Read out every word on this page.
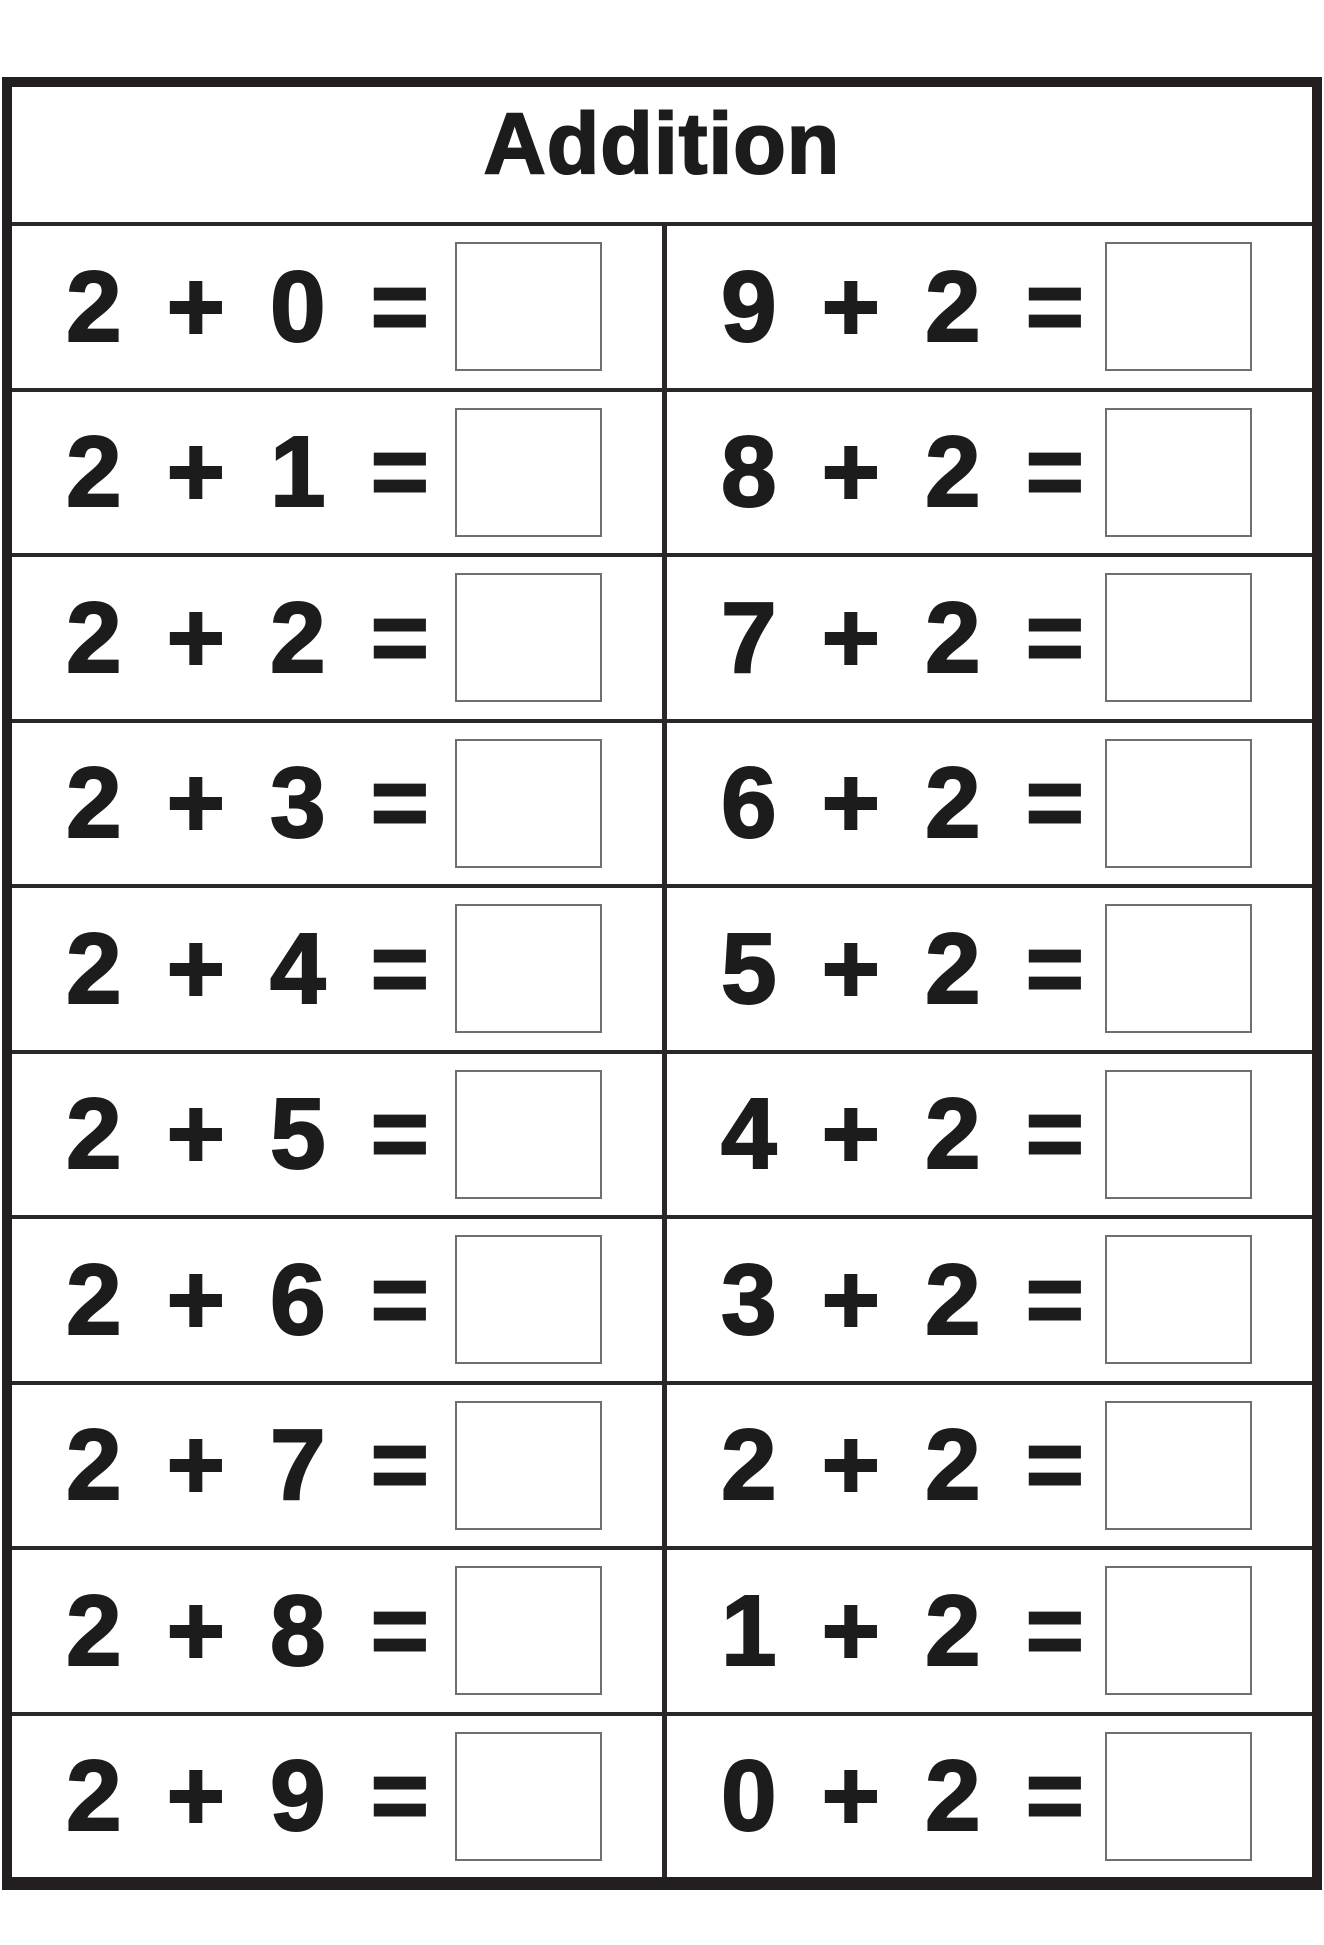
Addition
2 + 0 =	9 + 2 =
2 + 1 =	8 + 2 =
2 + 2 =	7 + 2 =
2 + 3 =	6 + 2 =
2 + 4 =	5 + 2 =
2 + 5 =	4 + 2 =
2 + 6 =	3 + 2 =
2 + 7 =	2 + 2 =
2 + 8 =	1 + 2 =
2 + 9 =	0 + 2 =
